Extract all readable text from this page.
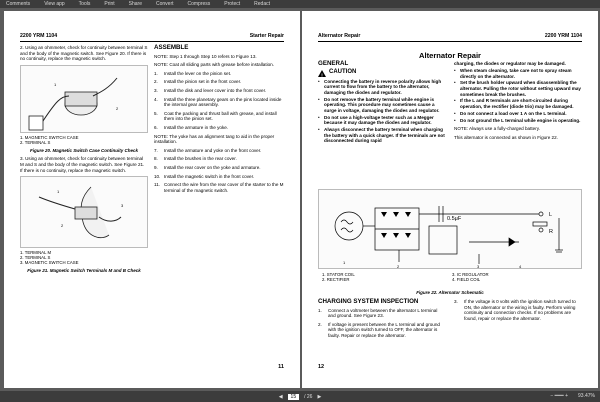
Comments	View app	Tools	Print	Share	Convert	Compress	Protect	Redact
2200 YRM 1104	Starter Repair

2. Using an ohmmeter, check for continuity between terminal S and the body of the magnetic switch. See Figure 20. If there is no continuity, replace the magnetic switch.

1
2
1. MAGNETIC SWITCH CASE
2. TERMINAL S
Figure 20. Magnetic Switch Case Continuity Check

3. Using an ohmmeter, check for continuity between terminal M and S and the body of the magnetic switch. See Figure 21. If there is no continuity, replace the magnetic switch.

1
2
3
1. TERMINAL M
2. TERMINAL S
3. MAGNETIC SWITCH CASE
Figure 21. Magnetic Switch Terminals M and B Check
ASSEMBLE

NOTE: Step 1 through Step 10 refers to Figure 13.

NOTE: Coat all sliding parts with grease before installation.

1. Install the lever on the pinion set.
2. Install the pinion set in the front cover.
3. Install the disk and lever cover into the front cover.
4. Install the three planetary gears on the pins located inside the internal gear assembly.
5. Coat the packing and thrust ball with grease, and install them into the pinion set.
6. Install the armature in the yoke.

NOTE: The yoke has an alignment tang to aid in the proper installation.

7. Install the armature and yoke on the front cover.
8. Install the brushes in the rear cover.
9. Install the rear cover on the yoke and armature.
10. Install the magnetic switch in the front cover.
11. Connect the wire from the rear cover of the starter to the M terminal of the magnetic switch.
11
Alternator Repair	2200 YRM 1104
Alternator Repair
GENERAL
! CAUTION
• Connecting the battery in reverse polarity allows high current to flow from the battery to the alternator, damaging the diodes and regulator.
• Do not remove the battery terminal while engine is operating. This procedure may sometimes cause a surge in voltage, damaging the diodes and regulator.
• Do not use a high-voltage tester such as a Megger because it may damage the diodes and regulator.
• Always disconnect the battery terminal when charging the battery with a quick charger. If the terminals are not disconnected during rapid
charging, the diodes or regulator may be damaged.
• When steam cleaning, take care not to spray steam directly on the alternator.
• Set the brush holder upward when disassembling the alternator. Pulling the rotor without setting upward may sometimes break the brushes.
• If the L and R terminals are short-circuited during operation, the rectifier (diode trio) may be damaged.
• Do not connect a load over 1 A on the L terminal.
• Do not ground the L terminal while engine is operating.

NOTE: Always use a fully-charged battery.

This alternator is connected as shown in Figure 22.

0.5μF
L
R
1
2	3	4
1. STATOR COIL	3. IC REGULATOR
2. RECTIFIER	4. FIELD COIL
Figure 22. Alternator Schematic
CHARGING SYSTEM INSPECTION
1. Connect a voltmeter between the alternator L terminal and ground. See Figure 23.
2. If voltage is present between the L terminal and ground with the ignition switch turned to OFF, the alternator is faulty. Repair or replace the alternator.
3. If the voltage is 0 volts with the ignition switch turned to ON, the alternator or the wiring is faulty. Perform wiring continuity and connection checks. If no problems are found, repair or replace the alternator.
12
◀	15	/ 26 ▶	− ━━━ + 93.47%
